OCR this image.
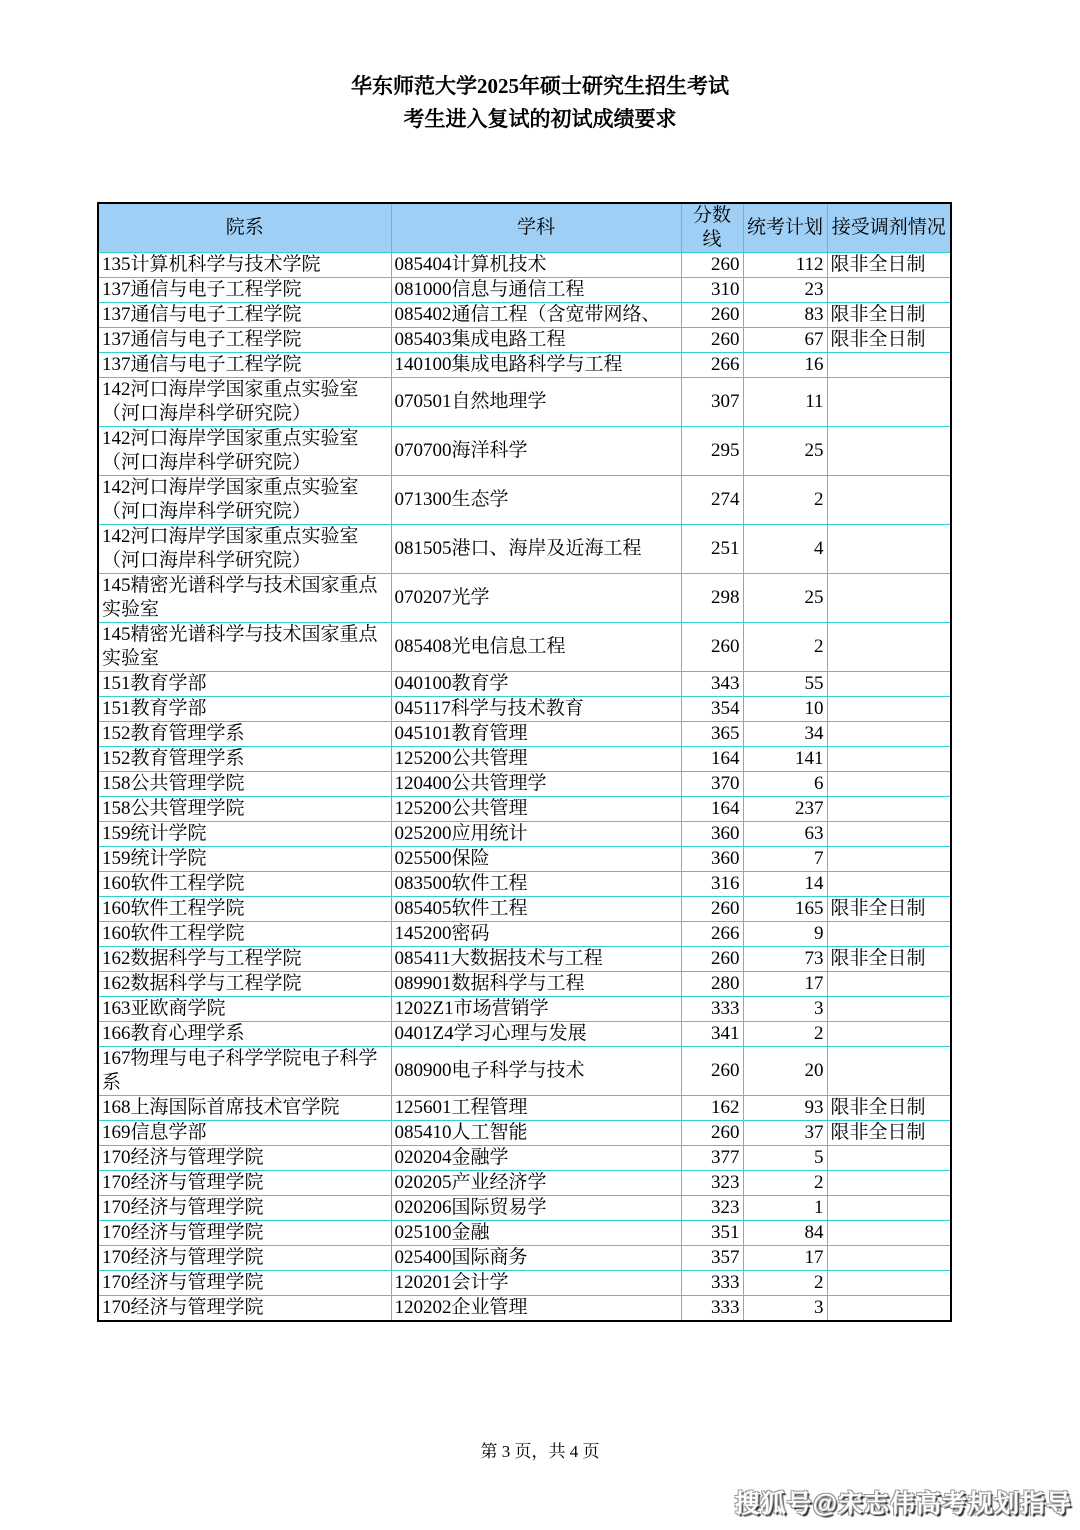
华东师范大学2025年硕士研究生招生考试
考生进入复试的初试成绩要求
院系	学科	分数线	统考计划	接受调剂情况
135计算机科学与技术学院	085404计算机技术	260	112	限非全日制
137通信与电子工程学院	081000信息与通信工程	310	23	
137通信与电子工程学院	085402通信工程（含宽带网络、	260	83	限非全日制
137通信与电子工程学院	085403集成电路工程	260	67	限非全日制
137通信与电子工程学院	140100集成电路科学与工程	266	16	
142河口海岸学国家重点实验室（河口海岸科学研究院）	070501自然地理学	307	11	
142河口海岸学国家重点实验室（河口海岸科学研究院）	070700海洋科学	295	25	
142河口海岸学国家重点实验室（河口海岸科学研究院）	071300生态学	274	2	
142河口海岸学国家重点实验室（河口海岸科学研究院）	081505港口、海岸及近海工程	251	4	
145精密光谱科学与技术国家重点实验室	070207光学	298	25	
145精密光谱科学与技术国家重点实验室	085408光电信息工程	260	2	
151教育学部	040100教育学	343	55	
151教育学部	045117科学与技术教育	354	10	
152教育管理学系	045101教育管理	365	34	
152教育管理学系	125200公共管理	164	141	
158公共管理学院	120400公共管理学	370	6	
158公共管理学院	125200公共管理	164	237	
159统计学院	025200应用统计	360	63	
159统计学院	025500保险	360	7	
160软件工程学院	083500软件工程	316	14	
160软件工程学院	085405软件工程	260	165	限非全日制
160软件工程学院	145200密码	266	9	
162数据科学与工程学院	085411大数据技术与工程	260	73	限非全日制
162数据科学与工程学院	089901数据科学与工程	280	17	
163亚欧商学院	1202Z1市场营销学	333	3	
166教育心理学系	0401Z4学习心理与发展	341	2	
167物理与电子科学学院电子科学系	080900电子科学与技术	260	20	
168上海国际首席技术官学院	125601工程管理	162	93	限非全日制
169信息学部	085410人工智能	260	37	限非全日制
170经济与管理学院	020204金融学	377	5	
170经济与管理学院	020205产业经济学	323	2	
170经济与管理学院	020206国际贸易学	323	1	
170经济与管理学院	025100金融	351	84	
170经济与管理学院	025400国际商务	357	17	
170经济与管理学院	120201会计学	333	2	
170经济与管理学院	120202企业管理	333	3	
第 3 页，共 4 页
搜狐号@宋志伟高考规划指导
